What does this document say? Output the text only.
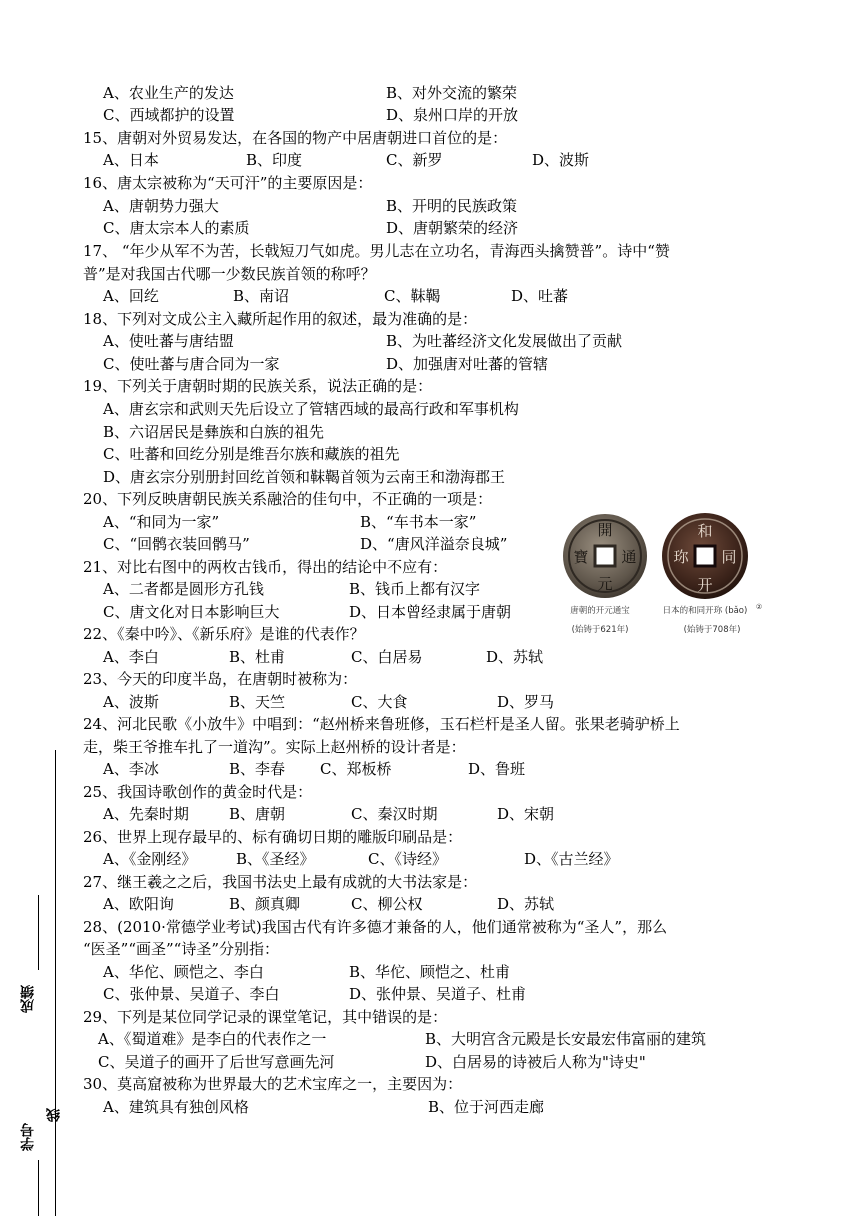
A、农业生产的发达	B、对外交流的繁荣
C、西域都护的设置	D、泉州口岸的开放
15、唐朝对外贸易发达，在各国的物产中居唐朝进口首位的是：
A、日本	B、印度	C、新罗	D、波斯
16、唐太宗被称为“天可汗”的主要原因是：
A、唐朝势力强大	B、开明的民族政策
C、唐太宗本人的素质	D、唐朝繁荣的经济
17、 “年少从军不为苦，长戟短刀气如虎。男儿志在立功名，青海西头擒赞普”。诗中“赞
普”是对我国古代哪一少数民族首领的称呼？
A、回纥	B、南诏	C、靺鞨	D、吐蕃
18、下列对文成公主入藏所起作用的叙述，最为准确的是：
A、使吐蕃与唐结盟	B、为吐蕃经济文化发展做出了贡献
C、使吐蕃与唐合同为一家	D、加强唐对吐蕃的管辖
19、下列关于唐朝时期的民族关系，说法正确的是：
A、唐玄宗和武则天先后设立了管辖西域的最高行政和军事机构
B、六诏居民是彝族和白族的祖先
C、吐蕃和回纥分别是维吾尔族和藏族的祖先
D、唐玄宗分别册封回纥首领和靺鞨首领为云南王和渤海郡王
20、下列反映唐朝民族关系融洽的佳句中，不正确的一项是：
A、“和同为一家”	B、“车书本一家”
C、“回鹘衣装回鹘马”	D、“唐风洋溢奈良城”
21、对比右图中的两枚古钱币，得出的结论中不应有：
A、二者都是圆形方孔钱	B、钱币上都有汉字
C、唐文化对日本影响巨大	D、日本曾经隶属于唐朝
開
元
通
寶
和
同
开
珎
唐朝的开元通宝
(始铸于621年)
日本的和同开珎 (bǎo) ②
(始铸于708年)
22、《秦中吟》、《新乐府》是谁的代表作？
A、李白	B、杜甫	C、白居易	D、苏轼
23、今天的印度半岛，在唐朝时被称为：
A、波斯	B、天竺	C、大食	D、罗马
24、河北民歌《小放牛》中唱到：“赵州桥来鲁班修，玉石栏杆是圣人留。张果老骑驴桥上
走，柴王爷推车扎了一道沟”。实际上赵州桥的设计者是：
A、李冰	B、李春 C、郑板桥	D、鲁班
25、我国诗歌创作的黄金时代是：
A、先秦时期	B、唐朝	C、秦汉时期	D、宋朝
26、世界上现存最早的、标有确切日期的雕版印刷品是：
A、《金刚经》	B、《圣经》	C、《诗经》	D、《古兰经》
27、继王羲之之后，我国书法史上最有成就的大书法家是：
A、欧阳询	B、颜真卿	C、柳公权	D、苏轼
28、(2010·常德学业考试)我国古代有许多德才兼备的人，他们通常被称为“圣人”，那么
“医圣”“画圣”“诗圣”分别指：
A、华佗、顾恺之、李白	B、华佗、顾恺之、杜甫
C、张仲景、吴道子、李白	D、张仲景、吴道子、杜甫
29、下列是某位同学记录的课堂笔记，其中错误的是：
A、《蜀道难》是李白的代表作之一	B、大明宫含元殿是长安最宏伟富丽的建筑
C、吴道子的画开了后世写意画先河	D、白居易的诗被后人称为"诗史"
30、莫高窟被称为世界最大的艺术宝库之一，主要因为：
A、建筑具有独创风格	B、位于河西走廊
成绩
线
学号
